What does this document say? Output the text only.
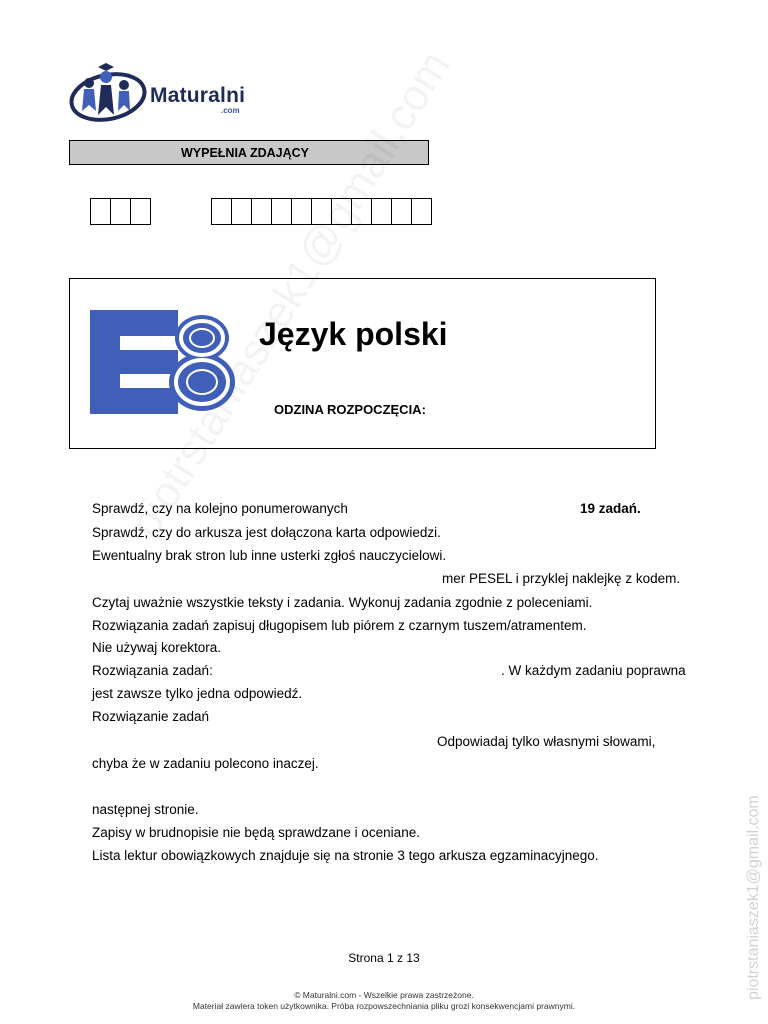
Maturalni
.com
WYPEŁNIA ZDAJĄCY
Język polski
ODZINA ROZPOCZĘCIA:
Sprawdź, czy na kolejno ponumerowanych	19 zadań.
Sprawdź, czy do arkusza jest dołączona karta odpowiedzi.
Ewentualny brak stron lub inne usterki zgłoś nauczycielowi.
mer PESEL i przyklej naklejkę z kodem.
Czytaj uważnie wszystkie teksty i zadania. Wykonuj zadania zgodnie z poleceniami.
Rozwiązania zadań zapisuj długopisem lub piórem z czarnym tuszem/atramentem.
Nie używaj korektora.
Rozwiązania zadań:	. W każdym zadaniu poprawna
jest zawsze tylko jedna odpowiedź.
Rozwiązanie zadań
Odpowiadaj tylko własnymi słowami,
chyba że w zadaniu polecono inaczej.
następnej stronie.
Zapisy w brudnopisie nie będą sprawdzane i oceniane.
Lista lektur obowiązkowych znajduje się na stronie 3 tego arkusza egzaminacyjnego.	piotrstaniaszek1@gmail.com
Strona 1 z 13
© Maturalni.com - Wszelkie prawa zastrzeżone.
Materiał zawiera token użytkownika. Próba rozpowszechniania pliku grozi konsekwencjami prawnymi.
